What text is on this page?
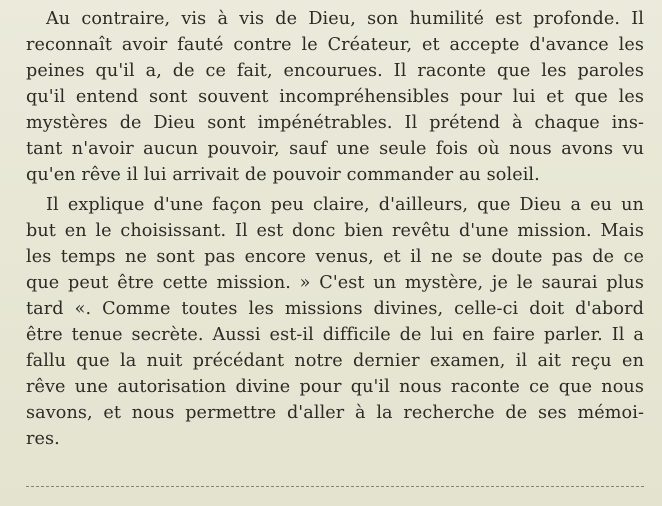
Au contraire, vis à vis de Dieu, son humilité est profonde. Il
reconnaît avoir fauté contre le Créateur, et accepte d'avance les
peines qu'il a, de ce fait, encourues. Il raconte que les paroles
qu'il entend sont souvent incompréhensibles pour lui et que les
mystères de Dieu sont impénétrables. Il prétend à chaque ins-
tant n'avoir aucun pouvoir, sauf une seule fois où nous avons vu
qu'en rêve il lui arrivait de pouvoir commander au soleil.
Il explique d'une façon peu claire, d'ailleurs, que Dieu a eu un
but en le choisissant. Il est donc bien revêtu d'une mission. Mais
les temps ne sont pas encore venus, et il ne se doute pas de ce
que peut être cette mission. » C'est un mystère, je le saurai plus
tard «. Comme toutes les missions divines, celle-ci doit d'abord
être tenue secrète. Aussi est-il difficile de lui en faire parler. Il a
fallu que la nuit précédant notre dernier examen, il ait reçu en
rêve une autorisation divine pour qu'il nous raconte ce que nous
savons, et nous permettre d'aller à la recherche de ses mémoi-
res.
